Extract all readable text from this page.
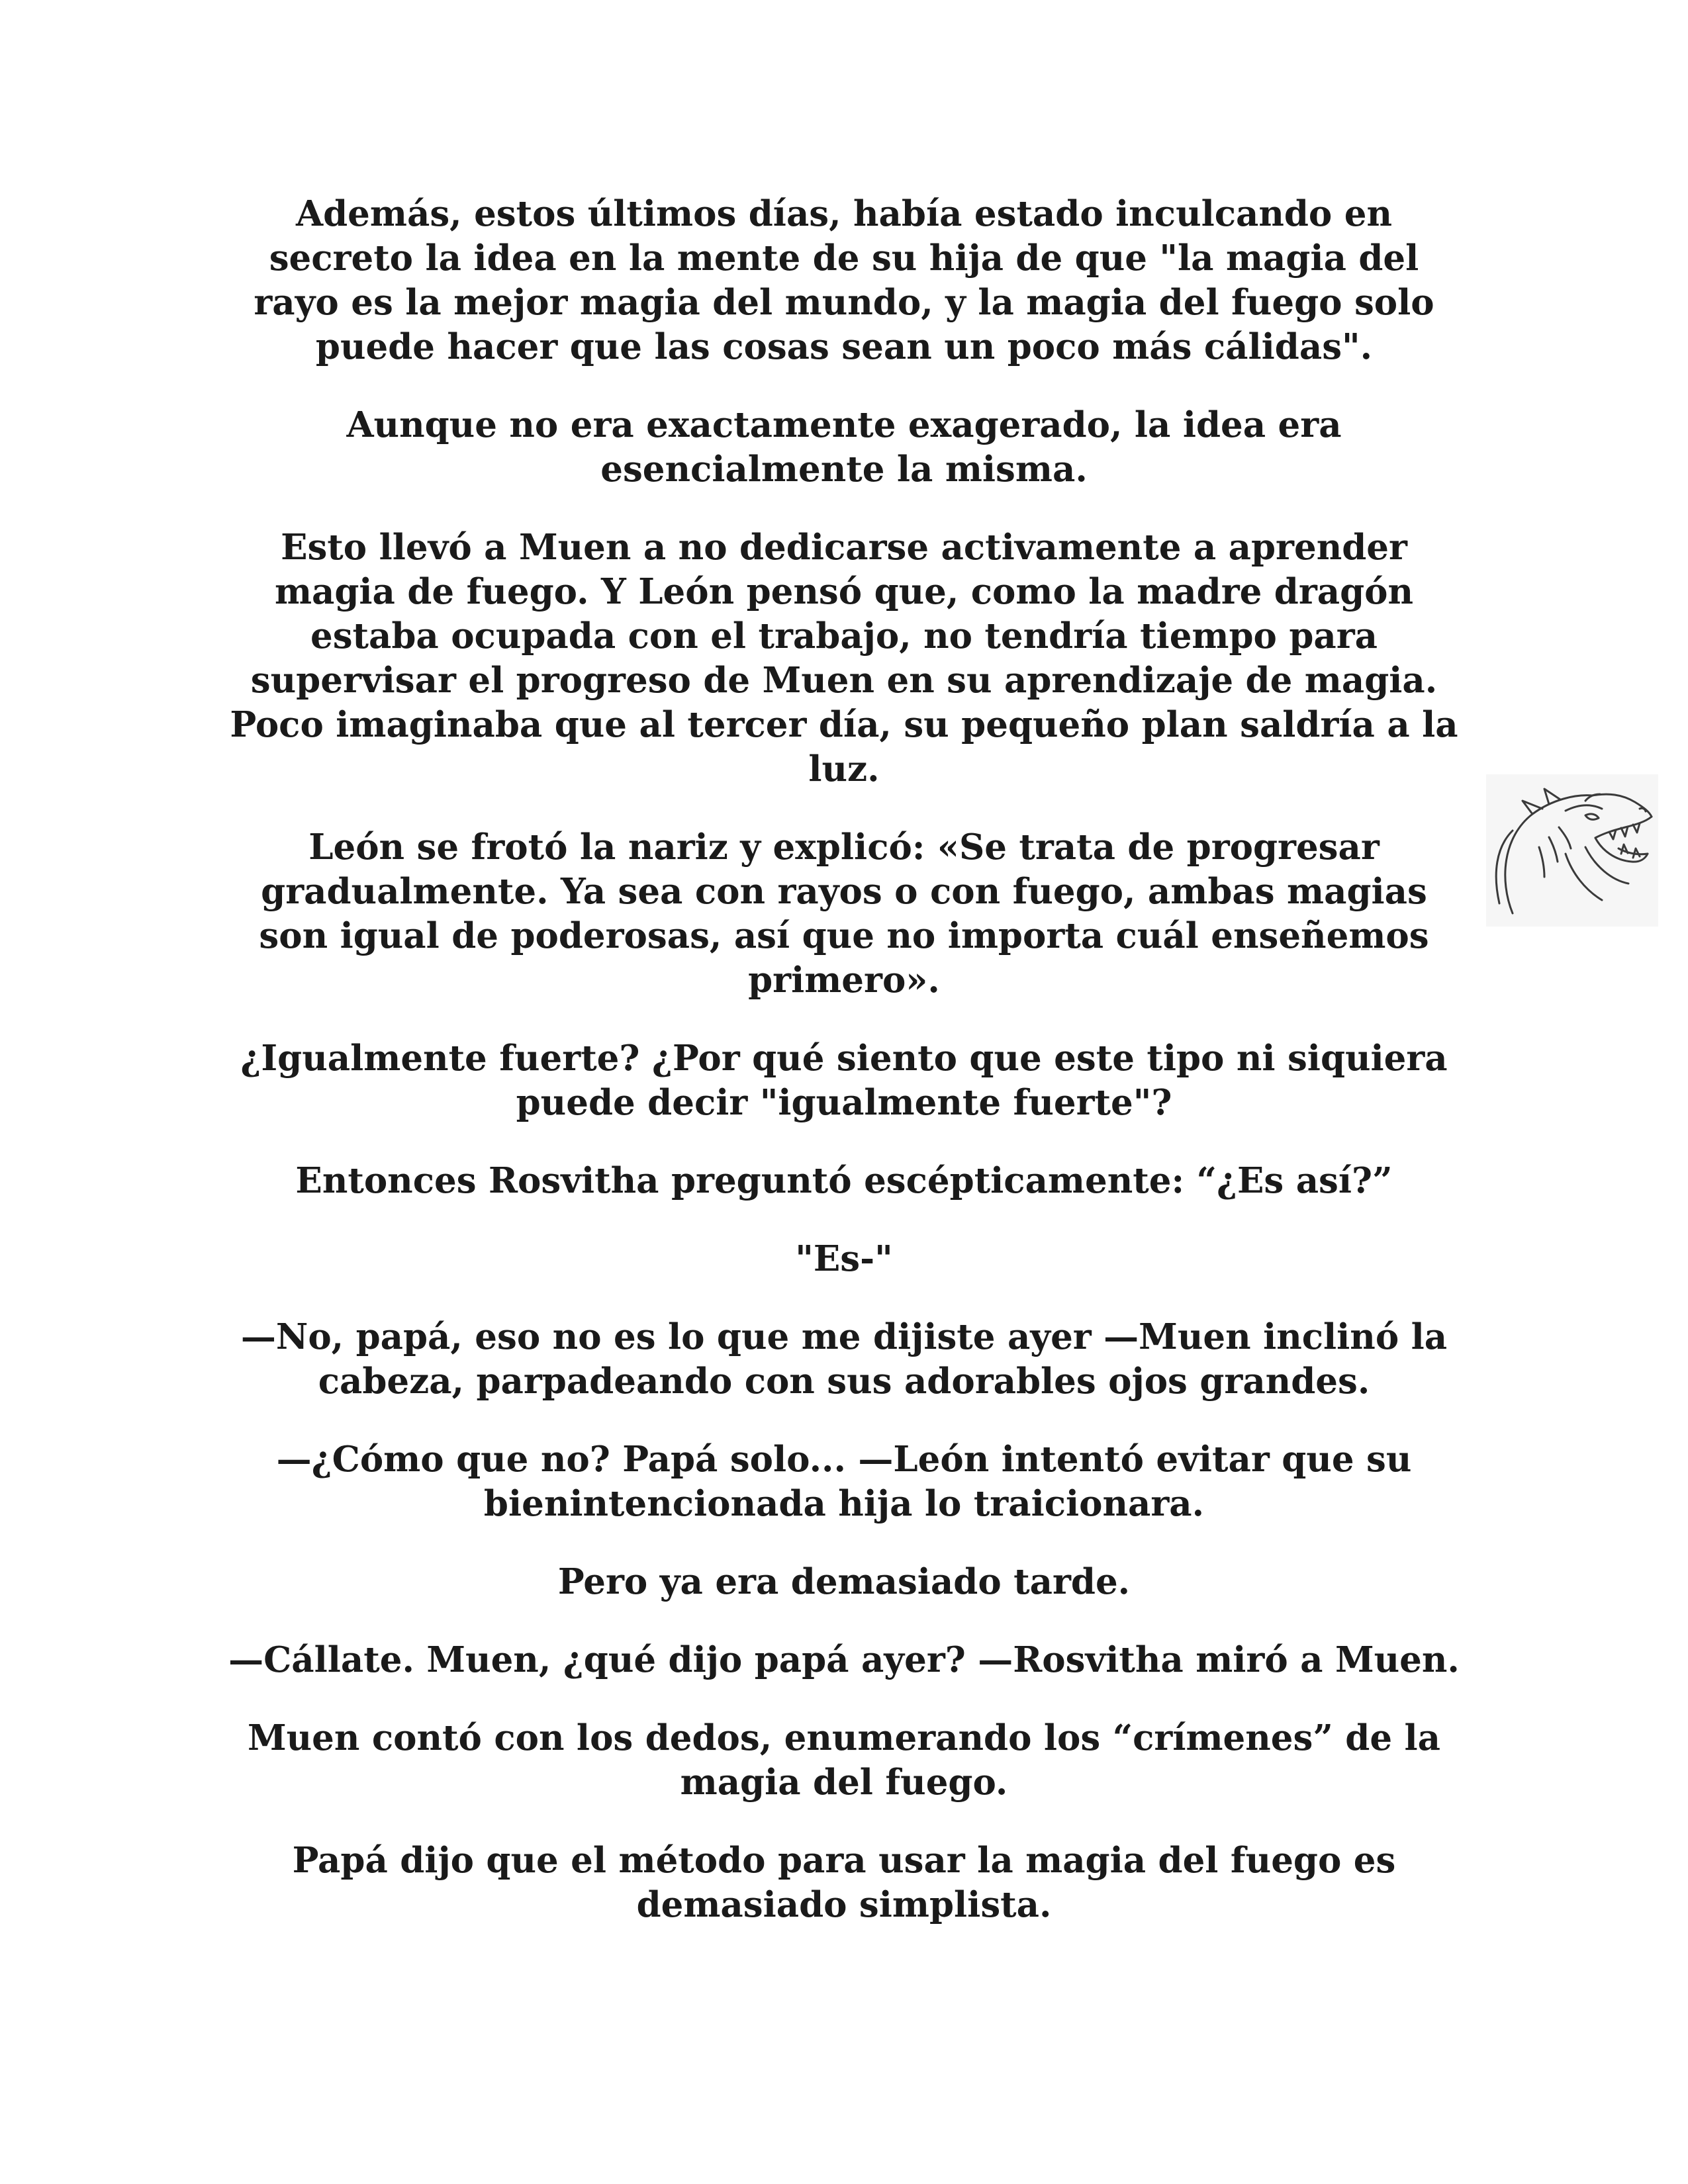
Además, estos últimos días, había estado inculcando en secreto la idea en la mente de su hija de que "la magia del rayo es la mejor magia del mundo, y la magia del fuego solo puede hacer que las cosas sean un poco más cálidas".

Aunque no era exactamente exagerado, la idea era esencialmente la misma.

Esto llevó a Muen a no dedicarse activamente a aprender magia de fuego. Y León pensó que, como la madre dragón estaba ocupada con el trabajo, no tendría tiempo para supervisar el progreso de Muen en su aprendizaje de magia. Poco imaginaba que al tercer día, su pequeño plan saldría a la luz.

León se frotó la nariz y explicó: «Se trata de progresar gradualmente. Ya sea con rayos o con fuego, ambas magias son igual de poderosas, así que no importa cuál enseñemos primero».

¿Igualmente fuerte? ¿Por qué siento que este tipo ni siquiera puede decir "igualmente fuerte"?

Entonces Rosvitha preguntó escépticamente: “¿Es así?”

"Es-"

—No, papá, eso no es lo que me dijiste ayer —Muen inclinó la cabeza, parpadeando con sus adorables ojos grandes.

—¿Cómo que no? Papá solo... —León intentó evitar que su bienintencionada hija lo traicionara.

Pero ya era demasiado tarde.

—Cállate. Muen, ¿qué dijo papá ayer? —Rosvitha miró a Muen.

Muen contó con los dedos, enumerando los “crímenes” de la magia del fuego.

Papá dijo que el método para usar la magia del fuego es demasiado simplista.
